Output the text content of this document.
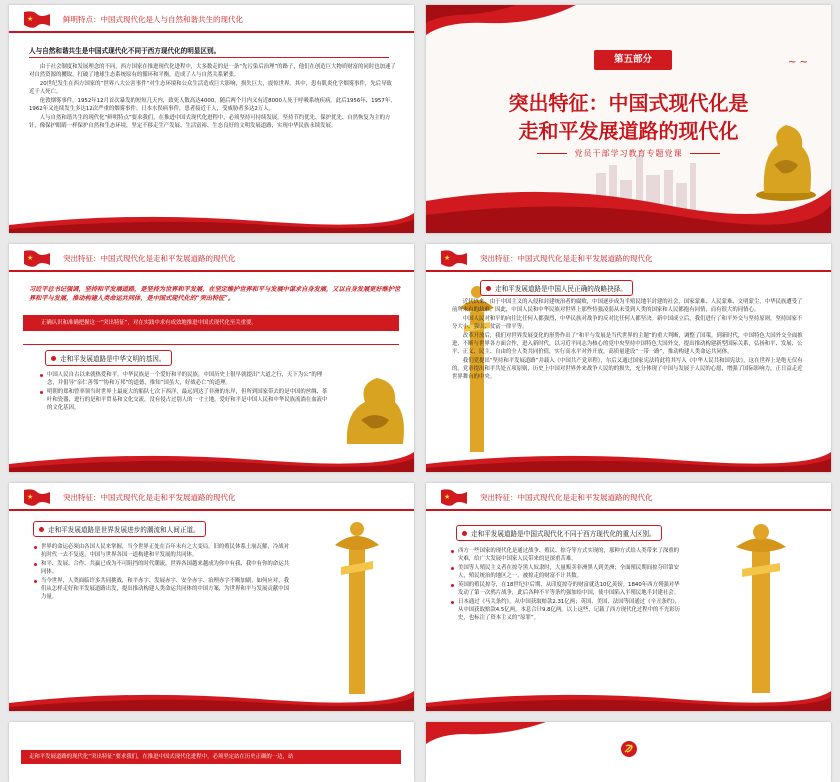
★	鲜明特点：中国式现代化是人与自然和谐共生的现代化
人与自然和谐共生是中国式现代化不同于西方现代化的明显区别。

由于社会制度和发展理念的不同，西方国家在推进现代化进程中，大多数走的是一条“先污染后治理”的路子，他们在创造巨大物质财富的同时也加速了对自然资源的攫取，打破了地球生态系统原有的循环和平衡，造成了人与自然关系紧张。

20世纪发生在西方国家的“世界八大公害事件”对生态环境和公众生活造成巨大影响，损失巨大，震惊世界。其中，患有肌炎化学烟雾事件，先后导致近千人死亡。

伦敦烟雾事件，1952年12月首次暴发的短短几天内，致死人数高达4000，随后两个月内又有近8000人死于呼吸系统疾病。此后1956年、1957年、1962年又连续发生多达12次严重的烟雾事件。日本水俣病事件，患者接近千人，受威胁者多达2万人。

人与自然和谐共生的现代化“鲜明特点”要求我们，在推进中国式现代化进程中，必须坚持可持续发展，坚持节约优先、保护优先、自然恢复为主的方针，像保护眼睛一样保护自然和生态环境，坚定不移走生产发展、生活富裕、生态良好的文明发展道路，实现中华民族永续发展。

~ ~
第五部分
突出特征：中国式现代化是
走和平发展道路的现代化
党员干部学习教育专题党课
★	突出特征：中国式现代化是走和平发展道路的现代化
习近平总书记强调，坚持和平发展道路，是坚持为世界和平发展，在坚定维护世界和平与发展中谋求自身发展，又以自身发展更好维护世界和平与发展，推动构建人类命运共同体，是中国式现代化的“突出特征”。
正确认识和准确把握这一“突出特征”，对在实践中求有成效地推进中国式现代化至关重要。
走和平发展道路是中华文明的基因。
中国人民自古以来就热爱和平，中华民族是一个爱好和平的民族。中国历史上很早就提出“大道之行，天下为公”的理念，并倡导“亲仁善邻”“协和万邦”的道德，推知“国虽大，好战必亡”的道理。
明朝的郑和曾率领当时世界上最庞大的船队七次下西洋，最远到达了非洲的东岸，但所到国家带去的是中国的丝绸、茶叶和瓷器，进行的是和平贸易和文化交流，没有侵占过别人的一寸土地。爱好和平是中国人民和中华民族流淌在血液中的文化基因。
★	突出特征：中国式现代化是走和平发展道路的现代化
走和平发展道路是中国人民正确的战略抉择。

近代以来，由于中国主义的入侵和封建统治者的腐败，中国逐步成为半殖民地半封建的社会，国家蒙难、人民蒙难、文明蒙尘，中华民族遭受了前所未有的劫难。因此，中国人民和中华民族对世界上那些恃强凌弱从未受到人类的国家和人民都抱有同情，而有很大的同情心。

中国人民对和平的向往比任何人都强烈，中华民族对战争的反对比任何人都坚决。新中国成立后，我们进行了和平外交与坚持原则，坚持国家不分大小、强弱、贫富一律平等。

改革开放后，我们对世界发展变化的形势作出了“和平与发展是当代世界的主题”的重大判断，调整了国策。到新时代，中国特色大国外交全面推进，不断与世界各方面合作，进入新时代，以习近平同志为核心的党中央坚持中国特色大国外交，提出推动构建新型国际关系，弘扬和平、发展、公平、正义、民主、自由的全人类共同价值，实行高水平对外开放，高质量建设“一带一路”，推动构建人类命运共同体。

我们党提出“坚持和平发展道路”并载入《中国共产党章程》，尔后又通过国家宪法将此将其写入《中华人民共和国宪法》，这在世界上是绝无仅有的。党章提出和平共处五项原则，历史上中国对世界外来战争人民的的损失，充分体现了中国与发展于人民的心愿，增强了国际影响力，正日益走近世界舞台的中央。

★	突出特征：中国式现代化是走和平发展道路的现代化
走和平发展道路是世界发展进步的潮流和人间正道。
世界的命运必须由各国人民来掌握，当今世界正处在百年未有之大变局，旧的殖民体系土崩瓦解，冷战对抗时代一去不复返，中国与世界各国一道构建和平发展的共同体。
和平、发展、合作、共赢已成为不可阻挡的时代潮流，世界各国越来越成为你中有我、我中有你的命运共同体。
当今世界，人类面临许多共同挑战，和平赤字、发展赤字、安全赤字、治理赤字不断加剧，如何应对，我们从怎样走好和平发展道路出发，提出推动构建人类命运共同体的中国方案，为世界和平与发展贡献中国力量。
★	突出特征：中国式现代化是走和平发展道路的现代化
走和平发展道路是中国式现代化不同于西方现代化的重大区别。
西方一些国家的现代化是通过战争、殖民、掠夺等方式实现的，那种方式给人类带来了深重的灾难，给广大发展中国家人民带来的是深重苦难。
美国等人殖民主义者在掠夺黑人奴隶时，大量贩卖非洲黑人到美洲；全面殖民期间掠夺印第安人，殖民统治的地区之一，被掠走的财富不计其数。
英国的殖民掠夺，在18世纪中后期，从印度掠夺的财富就达10亿英镑。1840年西方列强对华发动了第一次鸦片战争，此后各种不平等条约强加给中国，使中国陷入半殖民地半封建社会。
日本通过《马关条约》，从中国获取赔款2.31亿两；英国、美国、法国等国通过《辛丑条约》，从中国获取赔款4.5亿两，本息合计9.8亿两。以上这些，记载了西方现代化过程中的不光彩历史，也标注了资本主义的“原罪”。
走和平发展道路的现代化“突出特征”要求我们，在推进中国式现代化进程中，必须坚定站在历史正确的一边，站
